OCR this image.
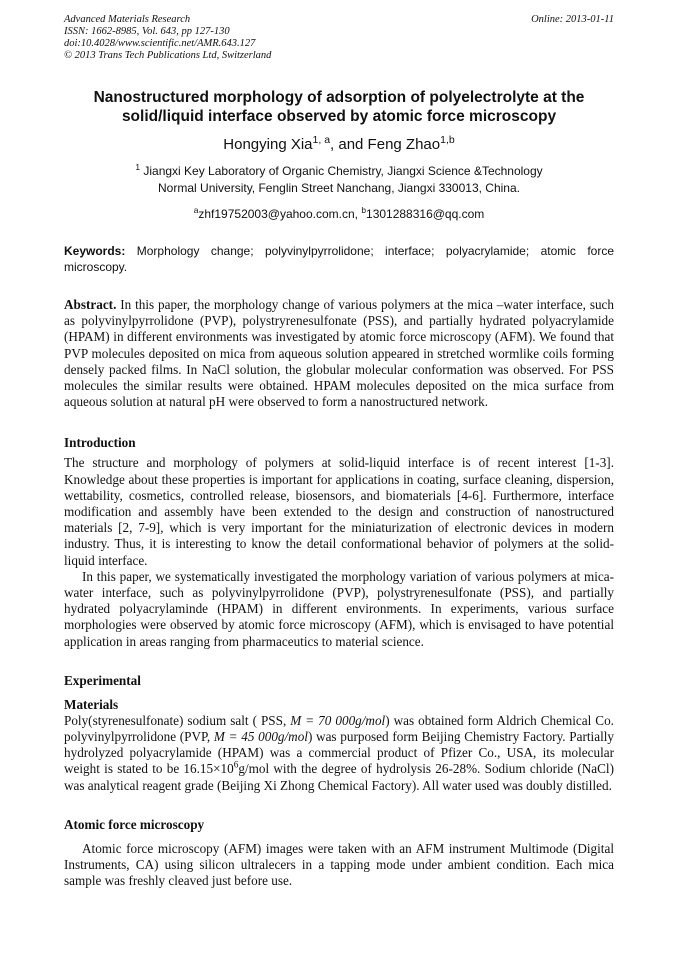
Advanced Materials Research
ISSN: 1662-8985, Vol. 643, pp 127-130
doi:10.4028/www.scientific.net/AMR.643.127
© 2013 Trans Tech Publications Ltd, Switzerland
Online: 2013-01-11
Nanostructured morphology of adsorption of polyelectrolyte at the
solid/liquid interface observed by atomic force microscopy
Hongying Xia$^{1, a}$, and Feng Zhao$^{1,b}$
$^1$ Jiangxi Key Laboratory of Organic Chemistry, Jiangxi Science &Technology
Normal University, Fenglin Street Nanchang, Jiangxi 330013, China.
$^a$zhf19752003@yahoo.com.cn, $^b$1301288316@qq.com
Keywords: Morphology change; polyvinylpyrrolidone; interface; polyacrylamide; atomic force microscopy.

Abstract. In this paper, the morphology change of various polymers at the mica –water interface, such as polyvinylpyrrolidone (PVP), polystryrenesulfonate (PSS), and partially hydrated polyacrylamide (HPAM) in different environments was investigated by atomic force microscopy (AFM). We found that PVP molecules deposited on mica from aqueous solution appeared in stretched wormlike coils forming densely packed films. In NaCl solution, the globular molecular conformation was observed. For PSS molecules the similar results were obtained. HPAM molecules deposited on the mica surface from aqueous solution at natural pH were observed to form a nanostructured network.

Introduction

The structure and morphology of polymers at solid-liquid interface is of recent interest [1-3]. Knowledge about these properties is important for applications in coating, surface cleaning, dispersion, wettability, cosmetics, controlled release, biosensors, and biomaterials [4-6]. Furthermore, interface modification and assembly have been extended to the design and construction of nanostructured materials [2, 7-9], which is very important for the miniaturization of electronic devices in modern industry. Thus, it is interesting to know the detail conformational behavior of polymers at the solid-liquid interface.

In this paper, we systematically investigated the morphology variation of various polymers at mica-water interface, such as polyvinylpyrrolidone (PVP), polystryrenesulfonate (PSS), and partially hydrated polyacrylaminde (HPAM) in different environments. In experiments, various surface morphologies were observed by atomic force microscopy (AFM), which is envisaged to have potential application in areas ranging from pharmaceutics to material science.

Experimental
Materials

Poly(styrenesulfonate) sodium salt ( PSS, M = 70 000g/mol) was obtained form Aldrich Chemical Co. polyvinylpyrrolidone (PVP, M = 45 000g/mol) was purposed form Beijing Chemistry Factory. Partially hydrolyzed polyacrylamide (HPAM) was a commercial product of Pfizer Co., USA, its molecular weight is stated to be $16.15\times 10^6g$/mol with the degree of hydrolysis 26-28%. Sodium chloride (NaCl) was analytical reagent grade (Beijing Xi Zhong Chemical Factory). All water used was doubly distilled.

Atomic force microscopy

Atomic force microscopy (AFM) images were taken with an AFM instrument Multimode (Digital Instruments, CA) using silicon ultralecers in a tapping mode under ambient condition. Each mica sample was freshly cleaved just before use.
